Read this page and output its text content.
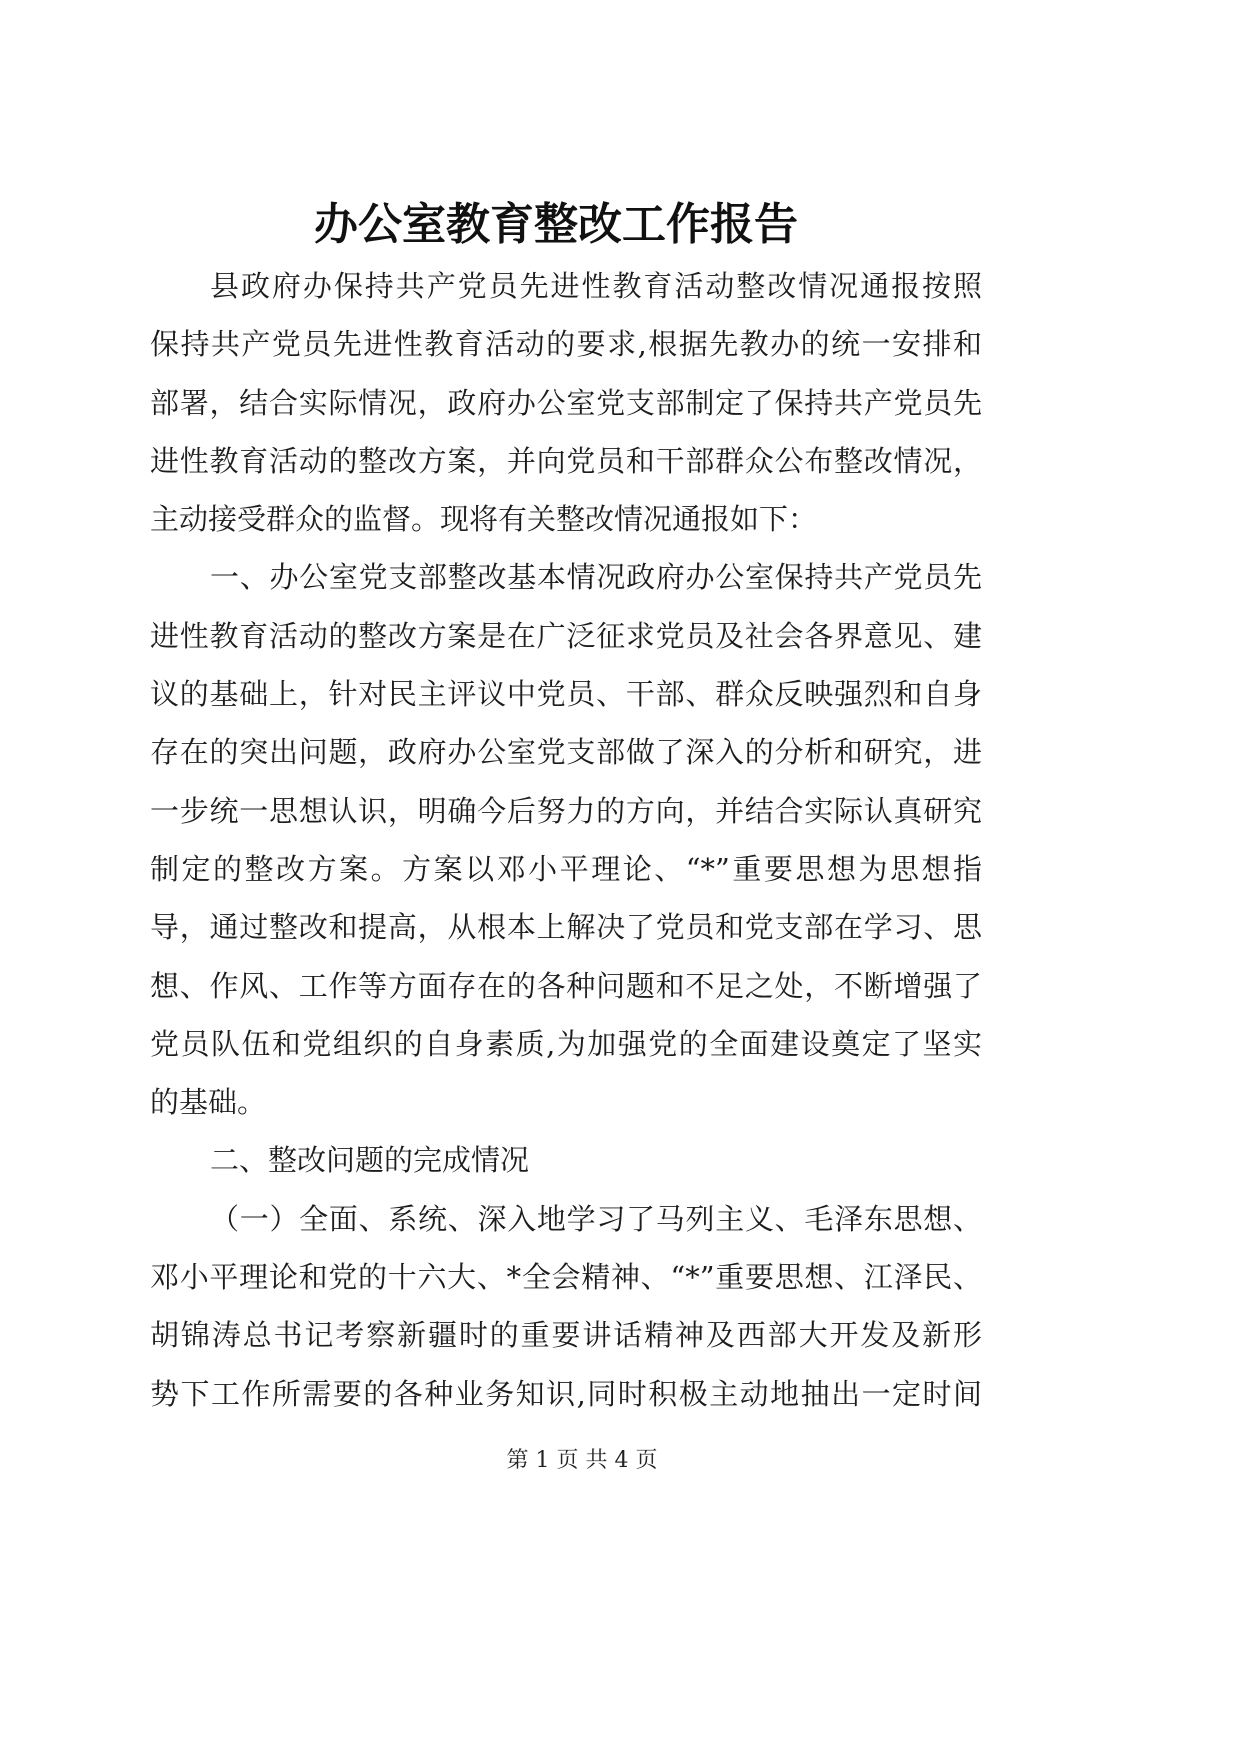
办公室教育整改工作报告
县政府办保持共产党员先进性教育活动整改情况通报按照
保持共产党员先进性教育活动的要求,根据先教办的统一安排和
部署，结合实际情况，政府办公室党支部制定了保持共产党员先
进性教育活动的整改方案，并向党员和干部群众公布整改情况，
主动接受群众的监督。现将有关整改情况通报如下：
一、办公室党支部整改基本情况政府办公室保持共产党员先
进性教育活动的整改方案是在广泛征求党员及社会各界意见、建
议的基础上，针对民主评议中党员、干部、群众反映强烈和自身
存在的突出问题，政府办公室党支部做了深入的分析和研究，进
一步统一思想认识，明确今后努力的方向，并结合实际认真研究
制定的整改方案。方案以邓小平理论、“*”重要思想为思想指
导，通过整改和提高，从根本上解决了党员和党支部在学习、思
想、作风、工作等方面存在的各种问题和不足之处，不断增强了
党员队伍和党组织的自身素质,为加强党的全面建设奠定了坚实
的基础。
二、整改问题的完成情况
（一）全面、系统、深入地学习了马列主义、毛泽东思想、
邓小平理论和党的十六大、*全会精神、“*”重要思想、江泽民、
胡锦涛总书记考察新疆时的重要讲话精神及西部大开发及新形
势下工作所需要的各种业务知识,同时积极主动地抽出一定时间
第 1 页 共 4 页
